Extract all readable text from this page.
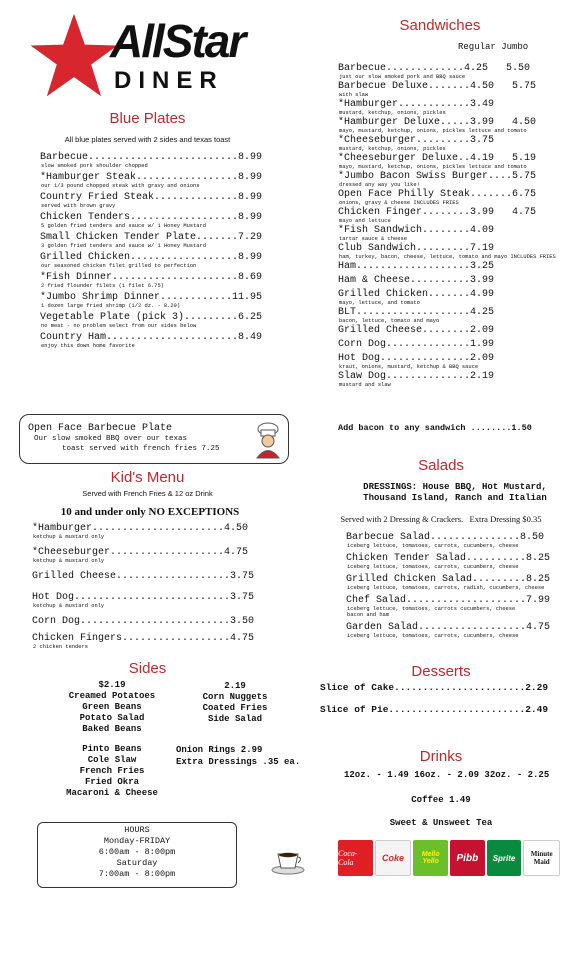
AllStar
DINER
Blue Plates
All blue plates served with 2 sides and texas toast
Barbecue.........................8.99
slow smoked pork shoulder chopped
*Hamburger Steak.................8.99
our 1/3 pound chopped steak with gravy and onions
Country Fried Steak..............8.99
served with brown gravy
Chicken Tenders..................8.99
5 golden fried tenders and sauce w/ 1 Honey Mustard
Small Chicken Tender Plate.......7.29
3 golden fried tenders and sauce w/ 1 Honey Mustard
Grilled Chicken..................8.99
our seasoned chicken filet grilled to perfection
*Fish Dinner.....................8.69
2 fried flounder filets (1 filet 6.75)
*Jumbo Shrimp Dinner............11.95
1 dozen large fried shrimp (1/2 dz. - 8.29)
Vegetable Plate (pick 3).........6.25
no meat - no problem select from our sides below
Country Ham......................8.49
enjoy this down home favorite
Open Face Barbecue Plate
Our slow smoked BBQ over our texas
toast served with french fries 7.25
Kid's Menu
Served with French Fries & 12 oz Drink
10 and under only NO EXCEPTIONS
*Hamburger......................4.50
ketchup & mustard only
*Cheeseburger...................4.75
ketchup & mustard only
Grilled Cheese...................3.75
Hot Dog..........................3.75
ketchup & mustard only
Corn Dog.........................3.50
Chicken Fingers..................4.75
2 chicken tenders
Sides
$2.19
Creamed Potatoes
Green Beans
Potato Salad
Baked Beans
2.19
Corn Nuggets
Coated Fries
Side Salad
Pinto Beans
Cole Slaw
French Fries
Fried Okra
Macaroni & Cheese
Onion Rings 2.99
Extra Dressings .35 ea.
HOURS
Monday-FRIDAY
6:00am - 8:00pm
Saturday
7:00am - 8:00pm
Sandwiches
Regular Jumbo
Barbecue.............4.25   5.50
just our slow smoked pork and BBQ sauce
Barbecue Deluxe.......4.50   5.75
with slaw
*Hamburger............3.49
mustard, ketchup, onions, pickles
*Hamburger Deluxe.....3.99   4.50
mayo, mustard, ketchup, onions, pickles lettuce and tomato
*Cheeseburger.........3.75
mustard, ketchup, onions, pickles
*Cheeseburger Deluxe..4.19   5.19
mayo, mustard, ketchup, onions, pickles lettuce and tomato
*Jumbo Bacon Swiss Burger....5.75
dressed any way you like!
Open Face Philly Steak.......6.75
onions, gravy & cheese INCLUDES FRIES
Chicken Finger........3.99   4.75
mayo and lettuce
*Fish Sandwich........4.09
tartar sauce & cheese
Club Sandwich.........7.19
ham, turkey, bacon, cheese, lettuce, tomato and mayo INCLUDES FRIES
Ham...................3.25
Ham & Cheese..........3.99
Grilled Chicken.......4.99
mayo, lettuce, and tomato
BLT...................4.25
bacon, lettuce, tomato and mayo
Grilled Cheese........2.09
Corn Dog..............1.99
Hot Dog...............2.09
kraut, onions, mustard, ketchup & BBQ sauce
Slaw Dog..............2.19
mustard and slaw
Add bacon to any sandwich ........1.50
Salads
DRESSINGS: House BBQ, Hot Mustard, Thousand Island, Ranch and Italian
Served with 2 Dressing & Crackers.   Extra Dressing $0.35
Barbecue Salad...............8.50
iceberg lettuce, tomatoes, carrots, cucumbers, cheese
Chicken Tender Salad..........8.25
iceberg lettuce, tomatoes, carrots, cucumbers, cheese
Grilled Chicken Salad.........8.25
iceberg lettuce, tomatoes, carrots, radish, cucumbers, cheese
Chef Salad....................7.99
iceberg lettuce, tomatoes, carrots cucumbers, cheese
bacon and ham
Garden Salad..................4.75
iceberg lettuce, tomatoes, carrots, cucumbers, cheese
Desserts
Slice of Cake.......................2.29
Slice of Pie........................2.49
Drinks
12oz. - 1.49 16oz. - 2.09 32oz. - 2.25
Coffee 1.49
Sweet & Unsweet Tea
Coca-Cola	Coke	Mello Yello	Pibb Sprite	Minute Maid
